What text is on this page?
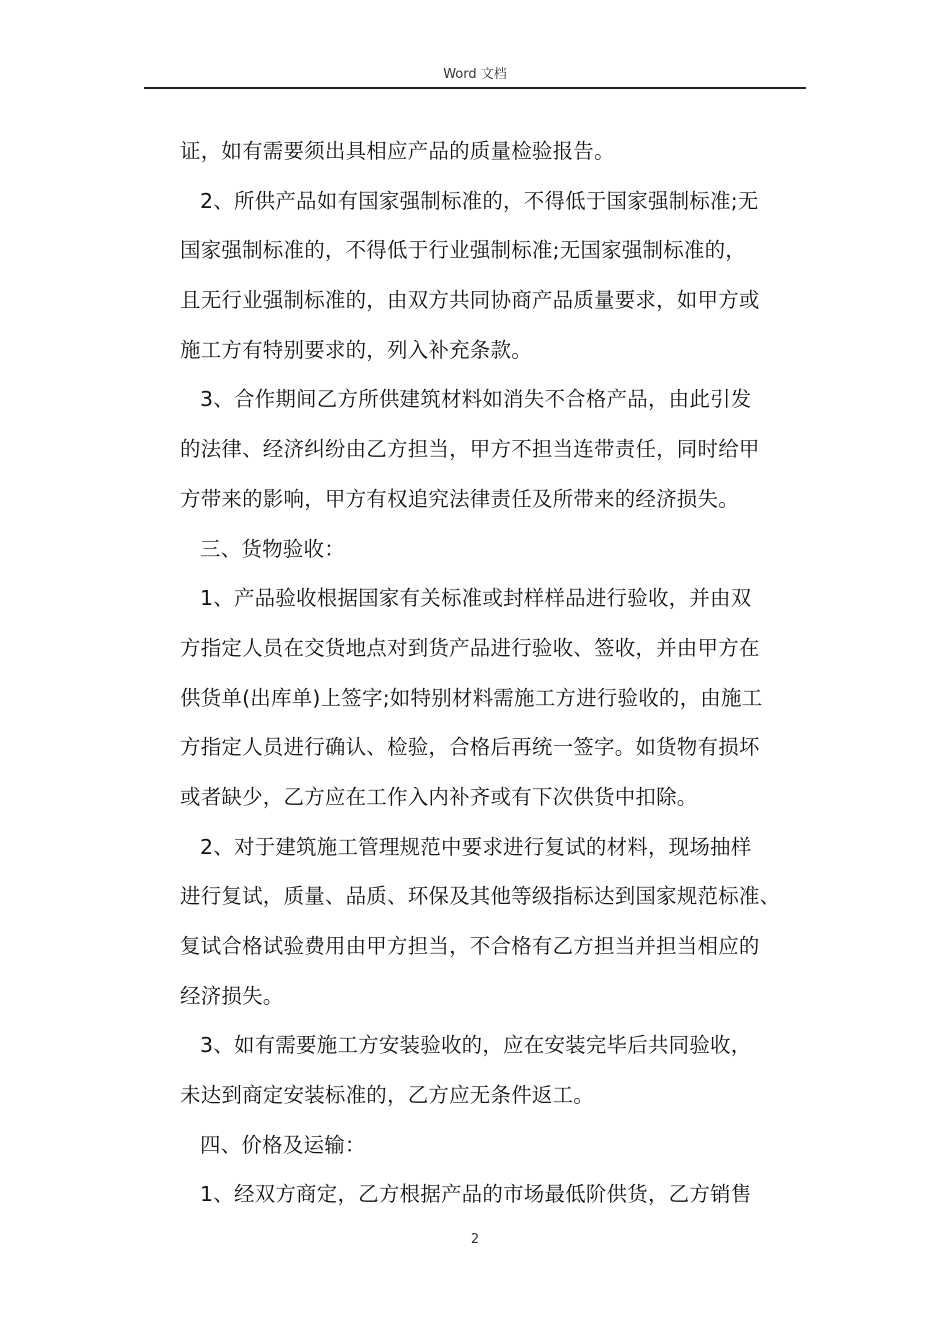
Word 文档
证，如有需要须出具相应产品的质量检验报告。
2、所供产品如有国家强制标准的，不得低于国家强制标准;无
国家强制标准的，不得低于行业强制标准;无国家强制标准的，
且无行业强制标准的，由双方共同协商产品质量要求，如甲方或
施工方有特别要求的，列入补充条款。
3、合作期间乙方所供建筑材料如消失不合格产品，由此引发
的法律、经济纠纷由乙方担当，甲方不担当连带责任，同时给甲
方带来的影响，甲方有权追究法律责任及所带来的经济损失。
三、货物验收：
1、产品验收根据国家有关标准或封样样品进行验收，并由双
方指定人员在交货地点对到货产品进行验收、签收，并由甲方在
供货单(出库单)上签字;如特别材料需施工方进行验收的，由施工
方指定人员进行确认、检验，合格后再统一签字。如货物有损坏
或者缺少，乙方应在工作入内补齐或有下次供货中扣除。
2、对于建筑施工管理规范中要求进行复试的材料，现场抽样
进行复试，质量、品质、环保及其他等级指标达到国家规范标准、
复试合格试验费用由甲方担当，不合格有乙方担当并担当相应的
经济损失。
3、如有需要施工方安装验收的，应在安装完毕后共同验收，
未达到商定安装标准的，乙方应无条件返工。
四、价格及运输：
1、经双方商定，乙方根据产品的市场最低阶供货，乙方销售
2
